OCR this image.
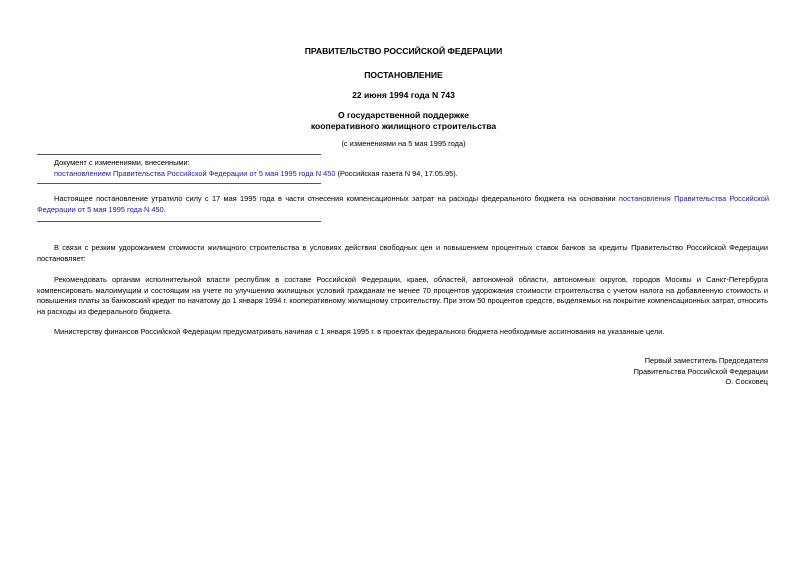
ПРАВИТЕЛЬСТВО РОССИЙСКОЙ ФЕДЕРАЦИИ
ПОСТАНОВЛЕНИЕ
22 июня 1994 года N 743
О государственной поддержке
кооперативного жилищного строительства
(с изменениями на 5 мая 1995 года)
Документ с изменениями, внесенными:
постановлением Правительства Российской Федерации от 5 мая 1995 года N 450 (Российская газета N 94, 17.05.95).
Настоящее постановление утратило силу с 17 мая 1995 года в части отнесения компенсационных затрат на расходы федерального бюджета на основании постановления Правительства Российской Федерации от 5 мая 1995 года N 450.
В связи с резким удорожанием стоимости жилищного строительства в условиях действия свободных цен и повышением процентных ставок банков за кредиты Правительство Российской Федерации постановляет:
Рекомендовать органам исполнительной власти республик в составе Российской Федерации, краев, областей, автономной области, автономных округов, городов Москвы и Санкт-Петербурга компенсировать малоимущим и состоящим на учете по улучшению жилищных условий гражданам не менее 70 процентов удорожания стоимости строительства с учетом налога на добавленную стоимость и повышения платы за банковский кредит по начатому до 1 января 1994 г. кооперативному жилищному строительству. При этом 50 процентов средств, выделяемых на покрытие компенсационных затрат, относить на расходы из федерального бюджета.
Министерству финансов Российской Федерации предусматривать начиная с 1 января 1995 г. в проектах федерального бюджета необходимые ассигнования на указанные цели.
Первый заместитель Председателя
Правительства Российской Федерации
О. Сосковец
